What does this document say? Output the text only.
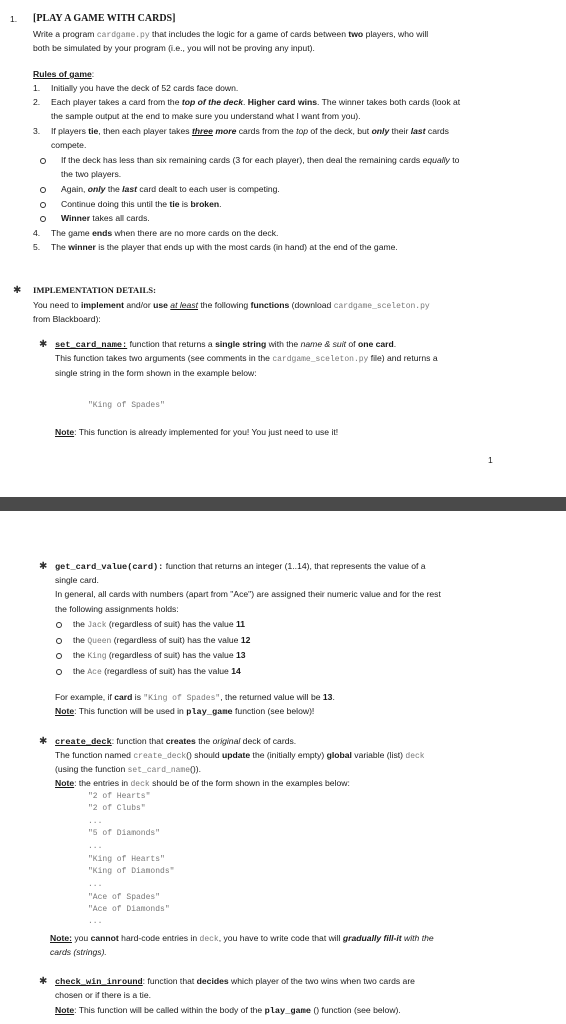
1. [PLAY A GAME WITH CARDS]
Write a program cardgame.py that includes the logic for a game of cards between two players, who will
both be simulated by your program (i.e., you will not be proving any input).
Rules of game:
1. Initially you have the deck of 52 cards face down.
2. Each player takes a card from the top of the deck. Higher card wins. The winner takes both cards (look at
the sample output at the end to make sure you understand what I want from you).
3. If players tie, then each player takes three more cards from the top of the deck, but only their last cards
compete.
If the deck has less than six remaining cards (3 for each player), then deal the remaining cards equally to
the two players.
Again, only the last card dealt to each user is competing.
Continue doing this until the tie is broken.
Winner takes all cards.
4. The game ends when there are no more cards on the deck.
5. The winner is the player that ends up with the most cards (in hand) at the end of the game.
✱ IMPLEMENTATION DETAILS:
You need to implement and/or use at least the following functions (download cardgame_sceleton.py
from Blackboard):
✱ set_card_name: function that returns a single string with the name & suit of one card.
This function takes two arguments (see comments in the cardgame_sceleton.py file) and returns a
single string in the form shown in the example below:
"King of Spades"
Note: This function is already implemented for you! You just need to use it!
1
✱ get_card_value(card): function that returns an integer (1..14), that represents the value of a
single card.
In general, all cards with numbers (apart from "Ace") are assigned their numeric value and for the rest
the following assignments holds:
the Jack (regardless of suit) has the value 11
the Queen (regardless of suit) has the value 12
the King (regardless of suit) has the value 13
the Ace (regardless of suit) has the value 14
For example, if card is "King of Spades", the returned value will be 13.
Note: This function will be used in play_game function (see below)!
✱ create_deck: function that creates the original deck of cards.
The function named create_deck() should update the (initially empty) global variable (list) deck
(using the function set_card_name()).
Note: the entries in deck should be of the form shown in the examples below:
"2 of Hearts"
"2 of Clubs"
...
"5 of Diamonds"
...
"King of Hearts"
"King of Diamonds"
...
"Ace of Spades"
"Ace of Diamonds"
...
Note: you cannot hard-code entries in deck, you have to write code that will gradually fill-it with the
cards (strings).
✱ check_win_inround: function that decides which player of the two wins when two cards are
chosen or if there is a tie.
Note: This function will be called within the body of the play_game () function (see below).
